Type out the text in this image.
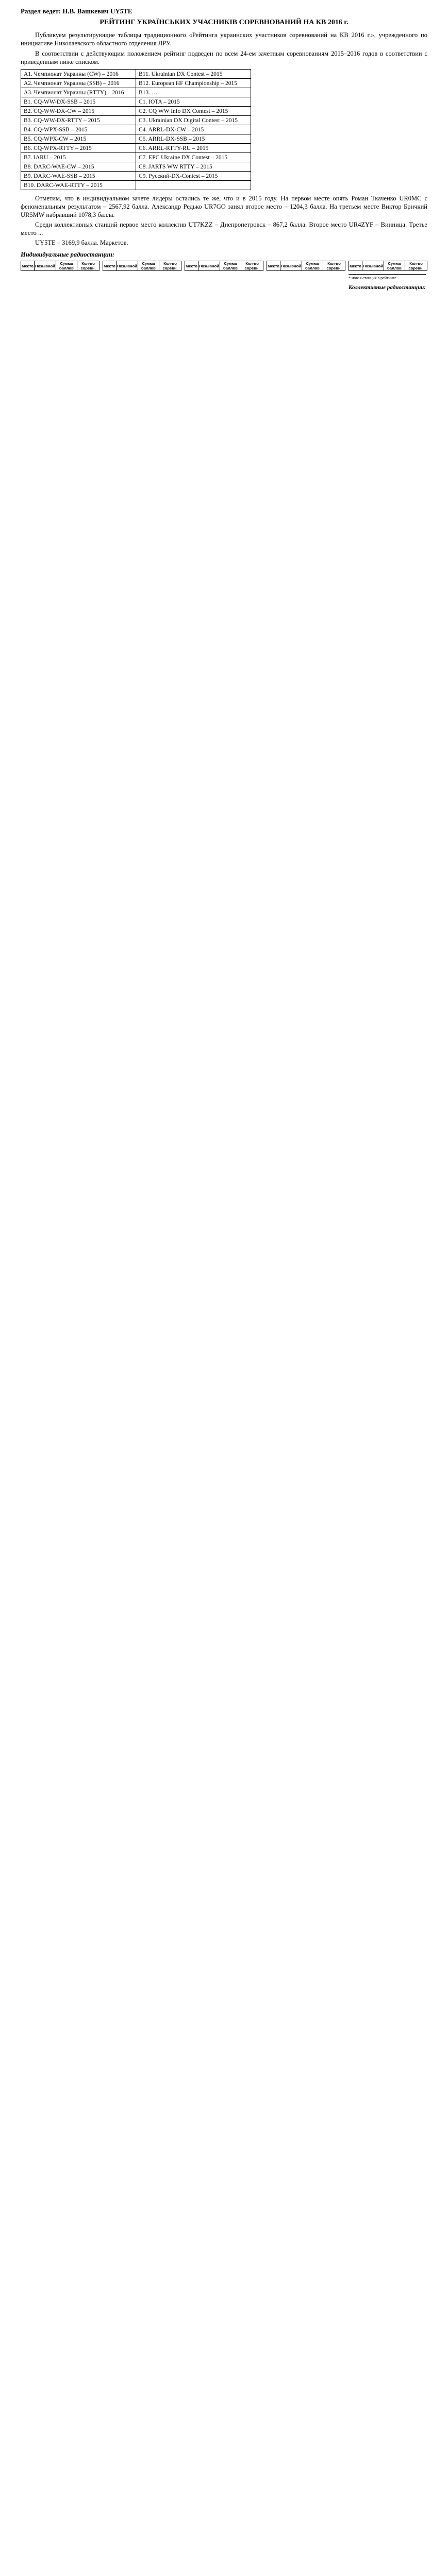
Раздел ведет: Н.В. Вашкевич UY5TE
РЕЙТИНГ УКРАЇНСЬКИХ УЧАСНИКІВ СОРЕВНОВАНИЙ НА КВ 2016 г.

Публикуем результирующие таблицы традиционного «Рейтинга украинских участников соревнований на КВ 2016 г.», учрежденного по инициативе Николаевского областного отделения ЛРУ.

В соответствии с действующим положением рейтинг подведен по всем 24-ем зачетным соревнованиям 2015–2016 годов в соответствии с приведенным ниже списком.

A1. Чемпионат Украины (CW) – 2016	B11. Ukrainian DX Contest – 2015
A2. Чемпионат Украины (SSB) – 2016	B12. European HF Championship – 2015
A3. Чемпионат Украины (RTTY) – 2016	B13. …
B1. CQ-WW-DX-SSB – 2015	C1. IOTA – 2015
B2. CQ-WW-DX-CW – 2015	C2. CQ WW Info DX Contest – 2015
B3. CQ-WW-DX-RTTY – 2015	C3. Ukrainian DX Digital Contest – 2015
B4. CQ-WPX-SSB – 2015	C4. ARRL-DX-CW – 2015
B5. CQ-WPX-CW – 2015	C5. ARRL-DX-SSB – 2015
B6. CQ-WPX-RTTY – 2015	C6. ARRL-RTTY-RU – 2015
B7. IARU – 2015	C7. EPC Ukraine DX Contest – 2015
B8. DARC-WAE-CW – 2015	C8. JARTS WW RTTY – 2015
B9. DARC-WAE-SSB – 2015	C9. Русский-DX-Contest – 2015
B10. DARC-WAE-RTTY – 2015	

Отметим, что в индивидуальном зачете лидеры остались те же, что и в 2015 году. На первом месте опять Роман Ткаченко UR0MC с феноменальным результатом – 2567,92 балла. Александр Редько UR7GO занял второе место – 1204,3 балла. На третьем месте Виктор Бричкий UR5MW набравший 1078,3 балла.

Среди коллективных станций первое место коллектив UT7KZZ – Днепропетровск – 867,2 балла. Второе место UR4ZYF – Винница. Третье место ...

UY5TE – 3169,9 балла. Маркетов.

Индивидуальные радиостанции:
Место	Позывной	Сумма баллов	Кол-во соревн. Место	Позывной	Сумма баллов	Кол-во соревн. Место	Позывной	Сумма баллов	Кол-во соревн. Место	Позывной	Сумма баллов	Кол-во соревн. Место	Позывной	Сумма баллов	Кол-во соревн.
* новая станция в рейтинге
Коллективные радиостанции:
